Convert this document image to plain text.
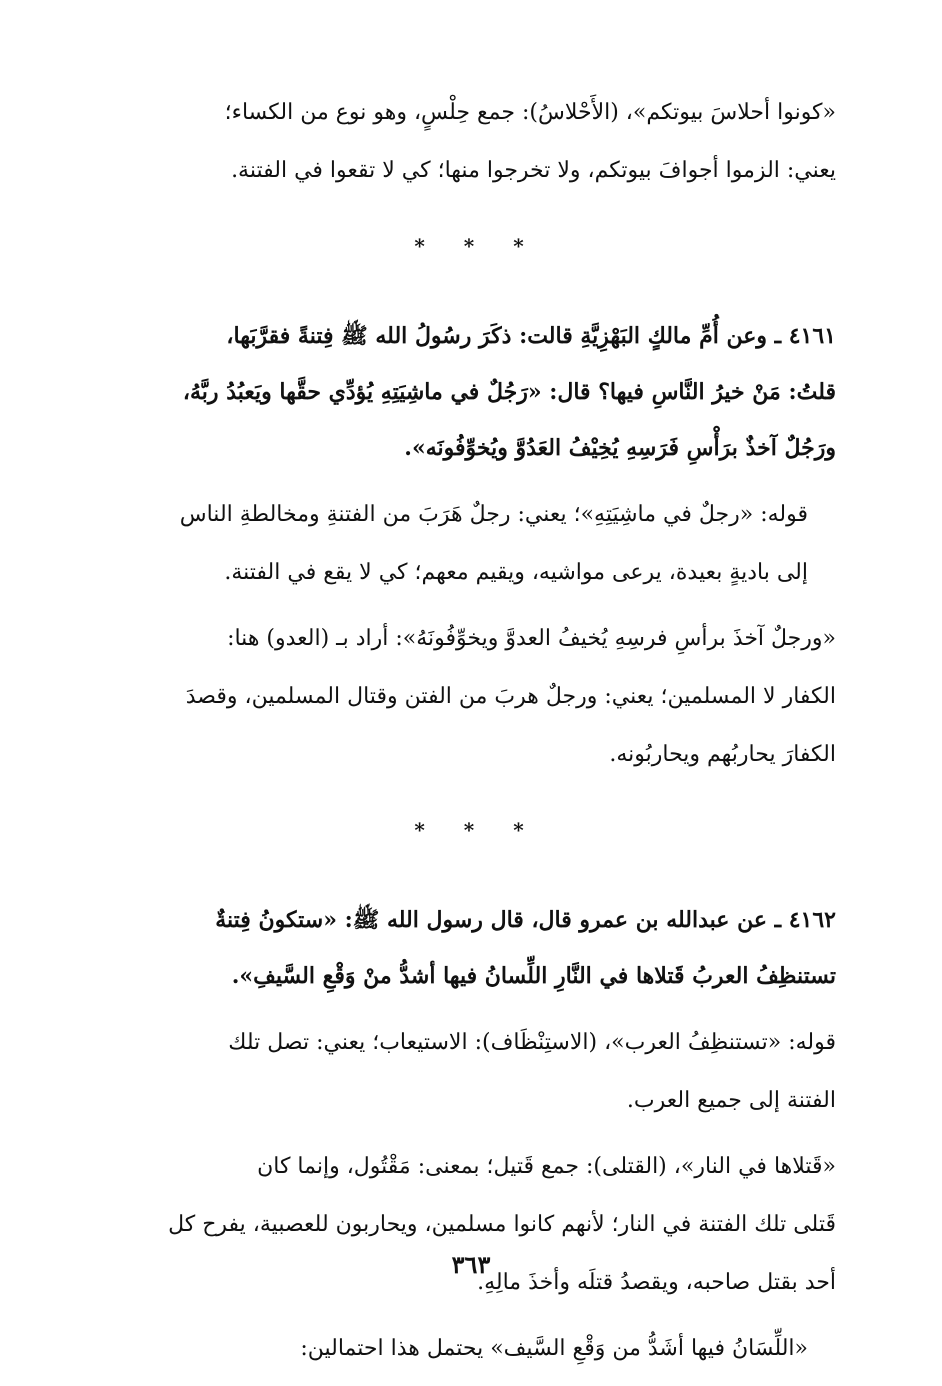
«كونوا أحلاسَ بيوتكم»، (الأَحْلاسُ): جمع حِلْسٍ، وهو نوع من الكساء؛
يعني: الزموا أجوافَ بيوتكم، ولا تخرجوا منها؛ كي لا تقعوا في الفتنة.
* * *
٤١٦١ ـ وعن أُمِّ مالكٍ البَهْزِيَّةِ قالت: ذكَرَ رسُولُ الله ﷺ فِتنةً فقرَّبَها،
قلتُ: مَنْ خيرُ النَّاسِ فيها؟ قال: «رَجُلٌ في ماشِيَتِهِ يُؤدِّي حقَّها ويَعبُدُ ربَّهُ،
ورَجُلٌ آخذٌ برَأْسِ فَرَسِهِ يُخِيْفُ العَدُوَّ ويُخوِّفُونَه».
قوله: «رجلٌ في ماشِيَتِهِ»؛ يعني: رجلٌ هَرَبَ من الفتنةِ ومخالطةِ الناس
إلى باديةٍ بعيدة، يرعى مواشيه، ويقيم معهم؛ كي لا يقع في الفتنة.
«ورجلٌ آخذَ برأسِ فرسِهِ يُخيفُ العدوَّ ويخوِّفُونَهُ»: أراد بـ (العدو) هنا:
الكفار لا المسلمين؛ يعني: ورجلٌ هربَ من الفتن وقتال المسلمين، وقصدَ
الكفارَ يحاربُهم ويحاربُونه.
* * *
٤١٦٢ ـ عن عبدالله بن عمرو قال، قال رسول الله ﷺ: «ستكونُ فِتنةٌ
تستنظِفُ العربُ قَتلاها في النَّارِ اللِّسانُ فيها أشدُّ منْ وَقْعِ السَّيفِ».
قوله: «تستنظِفُ العرب»، (الاستِنْظَاف): الاستيعاب؛ يعني: تصل تلك
الفتنة إلى جميع العرب.
«قَتلاها في النار»، (القتلى): جمع قَتيل؛ بمعنى: مَقْتُول، وإنما كان
قَتلى تلك الفتنة في النار؛ لأنهم كانوا مسلمين، ويحاربون للعصبية، يفرح كل
أحد بقتل صاحبه، ويقصدُ قتلَه وأخذَ مالِهِ.
«اللِّسَانُ فيها أشَدُّ من وَقْعِ السَّيف» يحتمل هذا احتمالين:
٣٦٣
